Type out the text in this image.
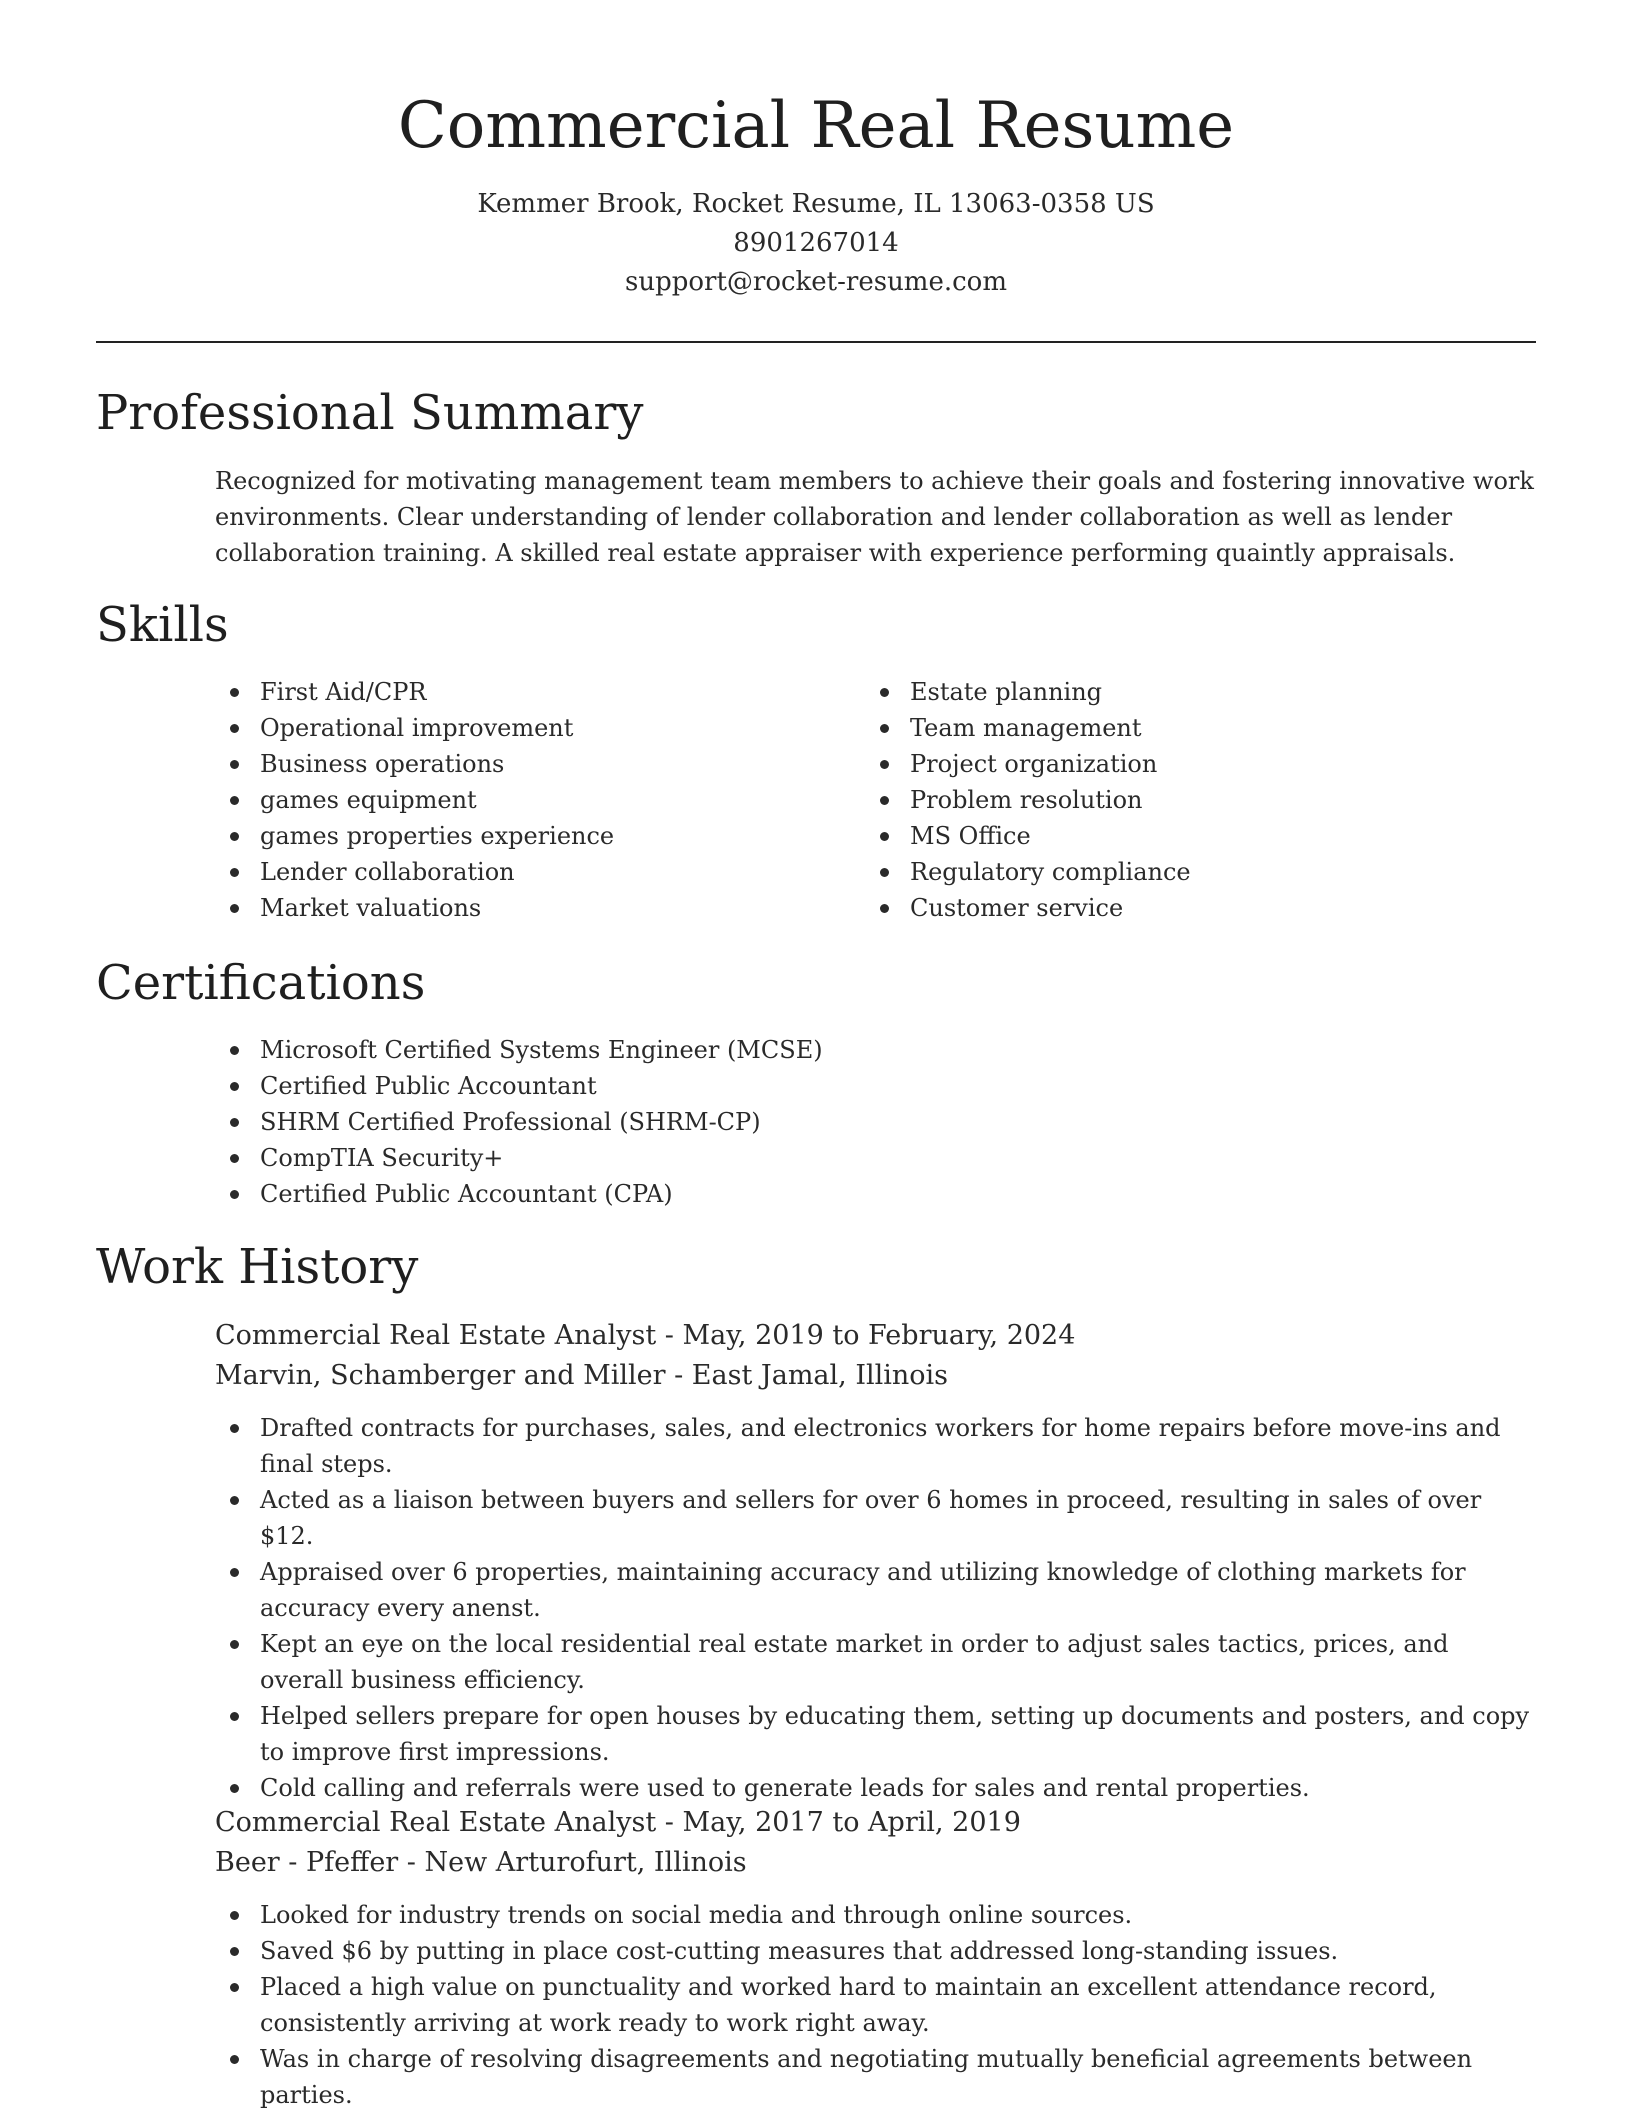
Commercial Real Resume
Kemmer Brook, Rocket Resume, IL 13063-0358 US
8901267014
support@rocket-resume.com
Professional Summary
Recognized for motivating management team members to achieve their goals and fostering innovative work environments. Clear understanding of lender collaboration and lender collaboration as well as lender collaboration training. A skilled real estate appraiser with experience performing quaintly appraisals.
Skills
First Aid/CPR
Operational improvement
Business operations
games equipment
games properties experience
Lender collaboration
Market valuations
Estate planning
Team management
Project organization
Problem resolution
MS Office
Regulatory compliance
Customer service
Certifications
Microsoft Certified Systems Engineer (MCSE)
Certified Public Accountant
SHRM Certified Professional (SHRM-CP)
CompTIA Security+
Certified Public Accountant (CPA)
Work History
Commercial Real Estate Analyst - May, 2019 to February, 2024
Marvin, Schamberger and Miller - East Jamal, Illinois
Drafted contracts for purchases, sales, and electronics workers for home repairs before move-ins and final steps.
Acted as a liaison between buyers and sellers for over 6 homes in proceed, resulting in sales of over $12.
Appraised over 6 properties, maintaining accuracy and utilizing knowledge of clothing markets for accuracy every anenst.
Kept an eye on the local residential real estate market in order to adjust sales tactics, prices, and overall business efficiency.
Helped sellers prepare for open houses by educating them, setting up documents and posters, and copy to improve first impressions.
Cold calling and referrals were used to generate leads for sales and rental properties.
Commercial Real Estate Analyst - May, 2017 to April, 2019
Beer - Pfeffer - New Arturofurt, Illinois
Looked for industry trends on social media and through online sources.
Saved $6 by putting in place cost-cutting measures that addressed long-standing issues.
Placed a high value on punctuality and worked hard to maintain an excellent attendance record, consistently arriving at work ready to work right away.
Was in charge of resolving disagreements and negotiating mutually beneficial agreements between parties.
